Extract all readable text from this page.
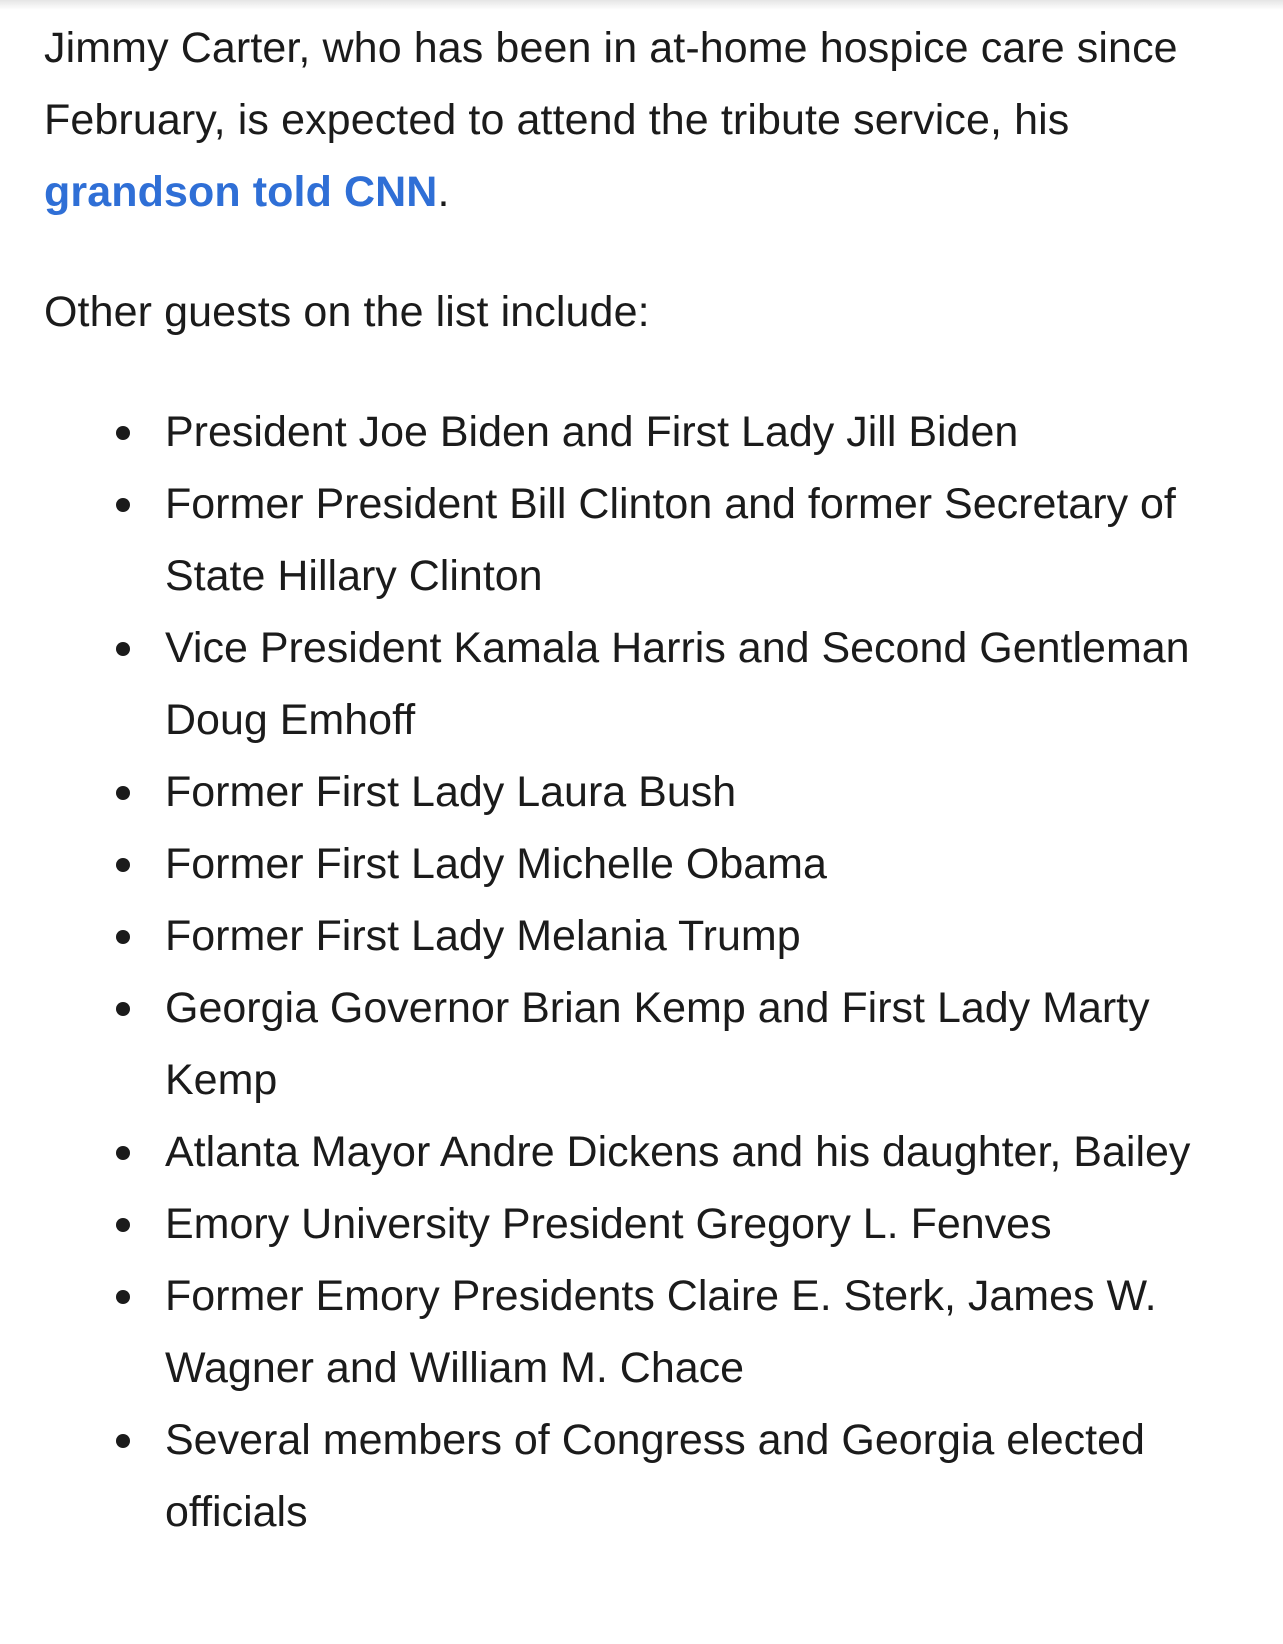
Jimmy Carter, who has been in at-home hospice care since February, is expected to attend the tribute service, his grandson told CNN.

Other guests on the list include:

President Joe Biden and First Lady Jill Biden
Former President Bill Clinton and former Secretary of State Hillary Clinton
Vice President Kamala Harris and Second Gentleman Doug Emhoff
Former First Lady Laura Bush
Former First Lady Michelle Obama
Former First Lady Melania Trump
Georgia Governor Brian Kemp and First Lady Marty Kemp
Atlanta Mayor Andre Dickens and his daughter, Bailey
Emory University President Gregory L. Fenves
Former Emory Presidents Claire E. Sterk, James W. Wagner and William M. Chace
Several members of Congress and Georgia elected officials
